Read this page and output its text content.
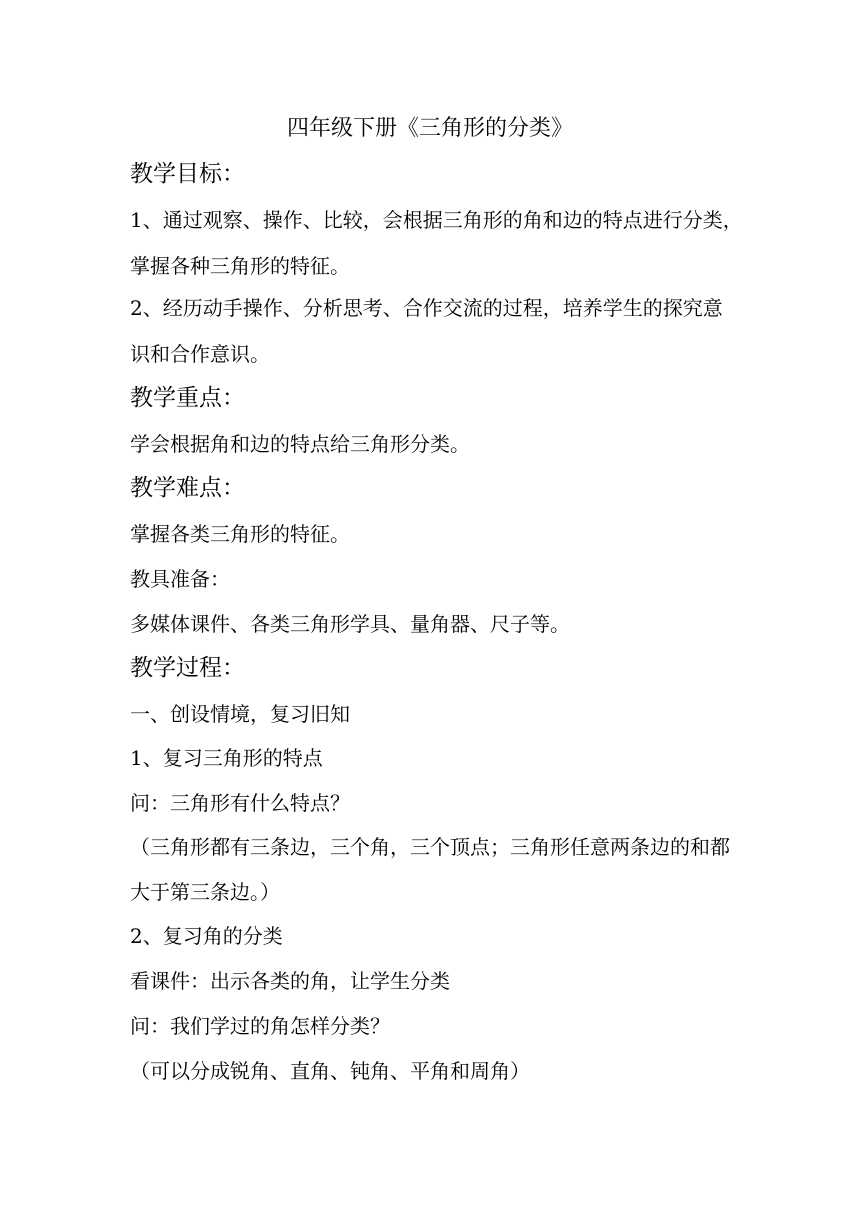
四年级下册《三角形的分类》
教学目标：
1、通过观察、操作、比较，会根据三角形的角和边的特点进行分类，
掌握各种三角形的特征。
2、经历动手操作、分析思考、合作交流的过程，培养学生的探究意
识和合作意识。
教学重点：
学会根据角和边的特点给三角形分类。
教学难点：
掌握各类三角形的特征。
教具准备：
多媒体课件、各类三角形学具、量角器、尺子等。
教学过程：
一、创设情境，复习旧知
1、复习三角形的特点
问：三角形有什么特点？
（三角形都有三条边，三个角，三个顶点；三角形任意两条边的和都
大于第三条边。）
2、复习角的分类
看课件：出示各类的角，让学生分类
问：我们学过的角怎样分类？
（可以分成锐角、直角、钝角、平角和周角）
